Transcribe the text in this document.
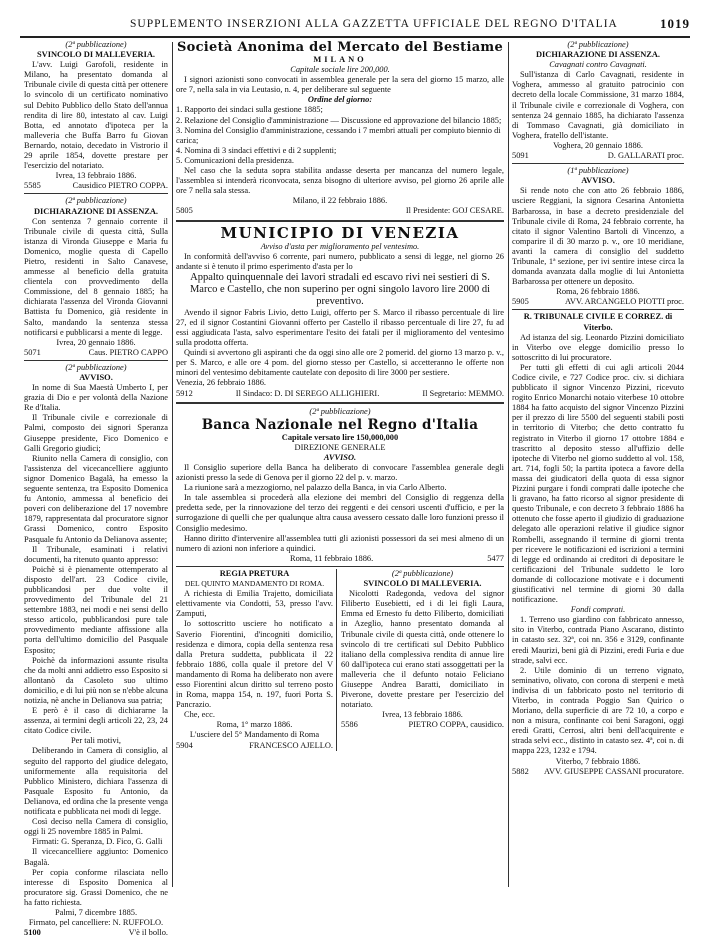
SUPPLEMENTO INSERZIONI ALLA GAZZETTA UFFICIALE DEL REGNO D'ITALIA	1019
(2ª pubblicazione)
SVINCOLO DI MALLEVERIA.

L'avv. Luigi Garofoli, residente in Milano, ha presentato domanda al Tribunale civile di questa città per ottenere lo svincolo di un certificato nominativo sul Debito Pubblico dello Stato dell'annua rendita di lire 80, intestato al cav. Luigi Botta, ed annotato d'ipoteca per la malleveria che Buffa Barro fu Giovan Bernardo, notaio, decedato in Vistrorio il 29 aprile 1854, dovette prestare per l'esercizio del notariato.

Ivrea, 13 febbraio 1886.
5585	Causidico PIETRO COPPA.
(2ª pubblicazione)
DICHIARAZIONE DI ASSENZA.

Con sentenza 7 gennaio corrente il Tribunale civile di questa città, Sulla istanza di Vironda Giuseppe e Maria fu Domenico, moglie questa di Capello Pietro, residenti in Salto Canavese, ammesse al beneficio della gratuita clientela con provvedimento della Commissione, del 8 gennaio 1885; ha dichiarata l'assenza del Vironda Giovanni Battista fu Domenico, già residente in Salto, mandando la sentenza stessa notificarsi e pubblicarsi a mente di legge.

Ivrea, 20 gennaio 1886.
5071	Caus. PIETRO CAPPO
(2ª pubblicazione)
AVVISO.

In nome di Sua Maestà Umberto I, per grazia di Dio e per volontà della Nazione Re d'Italia.

Il Tribunale civile e correzionale di Palmi, composto dei signori Speranza Giuseppe presidente, Fico Domenico e Galli Gregorio giudici;

Riunito nella Camera di consiglio, con l'assistenza del vicecancelliere aggiunto signor Domenico Bagalà, ha emesso la seguente sentenza, tra Esposito Domenica fu Antonio, ammessa al beneficio dei poveri con deliberazione del 17 novembre 1879, rappresentata dal procuratore signor Grassi Domenico, contro Esposito Pasquale fu Antonio da Delianova assente;

Il Tribunale, esaminati i relativi documenti, ha ritenuto quanto appresso:

Poichè si è pienamente ottemperato al disposto dell'art. 23 Codice civile, pubblicandosi per due volte il provvedimento del Tribunale del 21 settembre 1883, nei modi e nei sensi dello stesso articolo, pubblicandosi pure tale provvedimento mediante affissione alla porta dell'ultimo domicilio del Pasquale Esposito;

Poichè da informazioni assunte risulta che da molti anni addietro esso Esposito si allontanò da Casoleto suo ultimo domicilio, e di lui più non se n'ebbe alcuna notizia, nè anche in Delianova sua patria;

E però è il caso di dichiararne la assenza, ai termini degli articoli 22, 23, 24 citato Codice civile.

Per tali motivi,

Deliberando in Camera di consiglio, al seguito del rapporto del giudice delegato, uniformemente alla requisitoria del Pubblico Ministero, dichiara l'assenza di Pasquale Esposito fu Antonio, da Delianova, ed ordina che la presente venga notificata e pubblicata nei modi di legge.

Così deciso nella Camera di consiglio, oggi li 25 novembre 1885 in Palmi.

Firmati: G. Speranza, D. Fico, G. Galli

Il vicecancelliere aggiunto: Domenico Bagalà.

Per copia conforme rilasciata nello interesse di Esposito Domenica al procuratore sig. Grassi Domenico, che ne ha fatto richiesta.

Palmi, 7 dicembre 1885.
Firmato, pel cancelliere: N. RUFFOLO.
5100	V'è il bollo.
Società Anonima del Mercato del Bestiame
MILANO
Capitale sociale lire 200,000.

I signori azionisti sono convocati in assemblea generale per la sera del giorno 15 marzo, alle ore 7, nella sala in via Leutasio, n. 4, per deliberare sul seguente

Ordine del giorno:
1. Rapporto dei sindaci sulla gestione 1885;
2. Relazione del Consiglio d'amministrazione — Discussione ed approvazione del bilancio 1885;
3. Nomina del Consiglio d'amministrazione, cessando i 7 membri attuali per compiuto biennio di carica;
4. Nomina di 3 sindaci effettivi e di 2 supplenti;
5. Comunicazioni della presidenza.

Nel caso che la seduta sopra stabilita andasse deserta per mancanza del numero legale, l'assemblea si intenderà riconvocata, senza bisogno di ulteriore avviso, pel giorno 26 aprile alle ore 7 nella sala stessa.

Milano, il 22 febbraio 1886.
5805	Il Presidente: GOJ CESARE.
MUNICIPIO DI VENEZIA
Avviso d'asta per miglioramento pel ventesimo.

In conformità dell'avviso 6 corrente, pari numero, pubblicato a sensi di legge, nel giorno 26 andante si è tenuto il primo esperimento d'asta per lo

Appalto quinquennale dei lavori stradali ed escavo rivi nei sestieri di S. Marco e Castello, che non superino per ogni singolo lavoro lire 2000 di preventivo.

Avendo il signor Fabris Livio, detto Luigi, offerto per S. Marco il ribasso percentuale di lire 27, ed il signor Costantini Giovanni offerto per Castello il ribasso percentuale di lire 27, fu ad essi aggiudicata l'asta, salvo esperimentare l'esito dei fatali per il miglioramento del ventesimo sulla prodotta offerta.

Quindi si avvertono gli aspiranti che da oggi sino alle ore 2 pomerid. del giorno 13 marzo p. v., per S. Marco, e alle ore 4 pom. del giorno stesso per Castello, si accetteranno le offerte non minori del ventesimo debitamente cautelate con deposito di lire 3000 per sestiere.

Venezia, 26 febbraio 1886.
5912	Il Sindaco: D. DI SEREGO ALLIGHIERI.	Il Segretario: MEMMO.
(2ª pubblicazione)
Banca Nazionale nel Regno d'Italia
Capitale versato lire 150,000,000
DIREZIONE GENERALE
AVVISO.

Il Consiglio superiore della Banca ha deliberato di convocare l'assemblea generale degli azionisti presso la sede di Genova per il giorno 22 del p. v. marzo.

La riunione sarà a mezzogiorno, nel palazzo della Banca, in via Carlo Alberto.

In tale assemblea si procederà alla elezione dei membri del Consiglio di reggenza della predetta sede, per la rinnovazione del terzo dei reggenti e dei censori uscenti d'ufficio, e per la surrogazione di quelli che per qualunque altra causa avessero cessato dalle loro funzioni presso il Consiglio medesimo.

Hanno diritto d'intervenire all'assemblea tutti gli azionisti possessori da sei mesi almeno di un numero di azioni non inferiore a quindici.

Roma, 11 febbraio 1886.	5477
REGIA PRETURA
DEL QUINTO MANDAMENTO DI ROMA.

A richiesta di Emilia Trajetto, domiciliata elettivamente via Condotti, 53, presso l'avv. Zamputi,

Io sottoscritto usciere ho notificato a Saverio Fiorentini, d'incogniti domicilio, residenza e dimora, copia della sentenza resa dalla Pretura suddetta, pubblicata il 22 febbraio 1886, colla quale il pretore del V mandamento di Roma ha deliberato non avere esso Fiorentini alcun diritto sul terreno posto in Roma, mappa 154, n. 197, fuori Porta S. Pancrazio.

Che, ecc.

Roma, 1° marzo 1886.
L'usciere del 5° Mandamento di Roma
5904	FRANCESCO AJELLO.
(2ª pubblicazione)
SVINCOLO DI MALLEVERIA.

Nicolotti Radegonda, vedova del signor Filiberto Eusebietti, ed i di lei figli Laura, Emma ed Ernesto fu detto Filiberto, domiciliati in Azeglio, hanno presentato domanda al Tribunale civile di questa città, onde ottenere lo svincolo di tre certificati sul Debito Pubblico italiano della complessiva rendita di annue lire 60 dall'ipoteca cui erano stati assoggettati per la malleveria che il defunto notaio Feliciano Giuseppe Andrea Baratti, domiciliato in Piverone, dovette prestare per l'esercizio del notariato.

Ivrea, 13 febbraio 1886.
5586	PIETRO COPPA, causidico.
(2ª pubblicazione)
DICHIARAZIONE DI ASSENZA.
Cavagnati contro Cavagnati.

Sull'istanza di Carlo Cavagnati, residente in Voghera, ammesso al gratuito patrocinio con decreto della locale Commissione, 31 marzo 1884, il Tribunale civile e correzionale di Voghera, con sentenza 24 gennaio 1885, ha dichiarato l'assenza di Tommaso Cavagnati, già domiciliato in Voghera, fratello dell'istante.

Voghera, 20 gennaio 1886.
5091	D. GALLARATI proc.
(1ª pubblicazione)
AVVISO.

Si rende noto che con atto 26 febbraio 1886, usciere Reggiani, la signora Cesarina Antonietta Barbarossa, in base a decreto presidenziale del Tribunale civile di Roma, 24 febbraio corrente, ha citato il signor Valentino Bartoli di Vincenzo, a comparire il dì 30 marzo p. v., ore 10 meridiane, avanti la camera di consiglio del suddetto Tribunale, 1ª sezione, per ivi sentire intese circa la domanda avanzata dalla moglie di lui Antonietta Barbarossa per ottenere un deposito.

Roma, 26 febbraio 1886.
5905	AVV. ARCANGELO PIOTTI proc.
R. TRIBUNALE CIVILE E CORREZ. di Viterbo.

Ad istanza del sig. Leonardo Pizzini domiciliato in Viterbo ove elegge domicilio presso lo sottoscritto di lui procuratore.

Per tutti gli effetti di cui agli articoli 2044 Codice civile, e 727 Codice proc. civ. si dichiara pubblicato il signor Vincenzo Pizzini, ricevuto rogito Enrico Monarchi notaio viterbese 10 ottobre 1884 ha fatto acquisto del signor Vincenzo Pizzini per il prezzo di lire 5500 del seguenti stabili posti in territorio di Viterbo; che detto contratto fu registrato in Viterbo il giorno 17 ottobre 1884 e trascritto al deposito stesso all'uffizio delle ipoteche di Viterbo nel giorno suddetto al vol. 158, art. 714, fogli 50; la partita ipoteca a favore della massa dei giudicatori della quota di essa signor Pizzini purgare i fondi comprati dalle ipoteche che li gravano, ha fatto ricorso al signor presidente di questo Tribunale, e con decreto 3 febbraio 1886 ha ottenuto che fosse aperto il giudizio di graduazione delegato alle operazioni relative il giudice signor Rombelli, assegnando il termine di giorni trenta per ricevere le notificazioni ed iscrizioni a termini di legge ed ordinando ai creditori di depositare le certificazioni del Tribunale suddetto le loro domande di collocazione motivate e i documenti giustificativi nel termine di giorni 30 dalla notificazione.

Fondi comprati.

1. Terreno uso giardino con fabbricato annesso, sito in Viterbo, contrada Piano Ascarano, distinto in catasto sez. 32ª, coi nn. 356 e 3129, confinante eredi Maurizi, beni già di Pizzini, eredi Furia e due strade, salvi ecc.

2. Utile dominio di un terreno vignato, seminativo, olivato, con corona di sterpeni e metà indivisa di un fabbricato posto nel territorio di Viterbo, in contrada Poggio San Quirico o Moriano, della superficie di are 72 10, a corpo e non a misura, confinante coi beni Saragoni, oggi eredi Gratti, Cerrosi, altri beni dell'acquirente e strada selvi ecc., distinto in catasto sez. 4ª, coi n. di mappa 223, 1232 e 1794.

Viterbo, 7 febbraio 1886.
5882 AVV. GIUSEPPE CASSANI procuratore.
